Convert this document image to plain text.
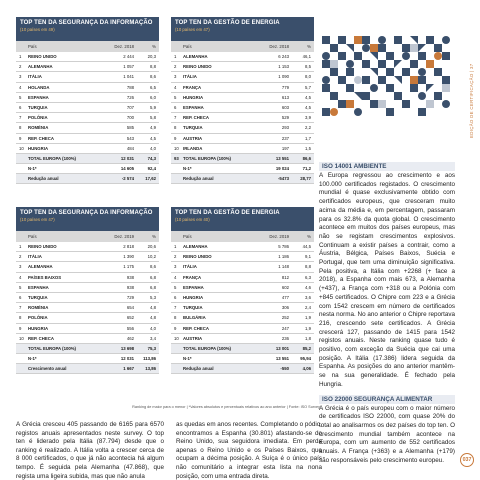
TOP TEN DA SEGURANÇA DA INFORMAÇÃO
(10 países em 49)
País	Dez. 2018	%
1	REINO UNIDO	2 444	20,3
2	ALEMANHA	1 057	8,8
3	ITÁLIA	1 041	8,6
4	HOLANDA	788	6,5
5	ESPANHA	726	6,0
6	TURQUIA	707	5,9
7	POLÓNIA	700	5,8
8	ROMÉNIA	585	4,9
9	REP. CHECA	543	4,5
10 HUNGRIA	484	4,0
TOTAL EUROPA (100%)	12 031	74,3
N-1*	14 605	92,4
Redução anual	-2 574	17,62
TOP TEN DA GESTÃO DE ENERGIA
(10 países em 47)
País	Dez. 2018	%
1	ALEMANHA	6 243	46,1
2	REINO UNIDO	1 153	8,5
3	ITÁLIA	1 090	8,0
4	FRANÇA	779	5,7
5	HUNGRIA	613	4,5
6	ESPANHA	603	4,5
7	REP. CHECA	529	3,9
8	TURQUIA	293	2,2
9	AUSTRIA	237	1,7
10 IRLANDA	197	1,5
93 TOTAL EUROPA (100%)	13 551	86,6
N-1*	19 024	71,2
Redução anual	-5473	28,77
TOP TEN DA SEGURANÇA DA INFORMAÇÃO
(10 países em 47)
País	Dez. 2019	%
1	REINO UNIDO	2 818	20,6
2	ITÁLIA	1 390	10,2
3	ALEMANHA	1 175	8,6
4	PAÍSES BAIXOS	938	6,8
5	ESPANHA	938	6,8
6	TURQUIA	729	5,3
7	ROMÉNIA	654	4,8
8	POLÓNIA	652	4,8
9	HUNGRIA	556	4,0
10 REP. CHECA	462	3,4
TOTAL EUROPA (100%)	13 698	75,3
N-1*	12 031	113,86
Crescimento anual	1 667	13,86
TOP TEN DA GESTÃO DE ENERGIA
(10 países em 40)
País	Dez. 2019	%
1	ALEMANHA	5 786	44,5
2	REINO UNIDO	1 186	9,1
3	ITÁLIA	1 148	8,8
4	FRANÇA	812	6,3
5	ESPANHA	602	4,6
6	HUNGRIA	477	3,6
7	TURQUIA	306	2,4
8	BULGÁRIA	252	1,9
9	REP. CHECA	247	1,9
10 AUSTRIA	236	1,8
TOTAL EUROPA (100%)	13 001	85,2
N-1*	13 551	95,94
Redução anual	-550	4,06
Ranking de maior para o menor | *Valores absolutos e percentuais relativos ao ano anterior | Fonte: ISO Survey

A Grécia cresceu 405 passando de 6165 para 6570 registos anuais apresentados neste survey. O top ten é liderado pela Itália (87.794) desde que o ranking é realizado. A Itália volta a crescer cerca de 8 000 certificados, o que já não acontecia há algum tempo. É seguida pela Alemanha (47.868), que regista uma ligeira subida, mas que não anula

as quedas em anos recentes. Completando o pódio, encontramos a Espanha (30.801) afastando-se do Reino Unido, sua seguidora imediata. Em perda apenas o Reino Unido e os Países Baixos, que ocupam a décima posição. A Suíça é o único país não comunitário a integrar esta lista na nona posição, com uma entrada direta.

EDIÇÃO DE CERTIFICAÇÃO | 37
ISO 14001 AMBIENTE

A Europa regressou ao crescimento e aos 100.000 certificados registados. O crescimento mundial é quase exclusivamente obtido com certificados europeus, que cresceram muito acima da média e, em percentagem, passaram para os 32.8% da quota global. O crescimento acontece em muitos dos países europeus, mas não se registam crescimentos explosivos. Continuam a existir países a contrair, como a Áustria, Bélgica, Países Baixos, Suécia e Portugal, que tem uma diminuição significativa. Pela positiva, a Itália com +2268 (+ face a 2018), a Espanha com mais 673, a Alemanha (+437), a França com +318 ou a Polónia com +845 certificados. O Chipre com 223 e a Grécia com 1542 crescem em número de certificados nesta norma. No ano anterior o Chipre reportava 216, crescendo sete certificados. A Grécia crescerá 127, passando de 1415 para 1542 registos anuais. Neste ranking quase tudo é positivo, com exceção da Suécia que cai uma posição. A Itália (17.386) lidera seguida da Espanha. As posições do ano anterior mantêm-se na sua generalidade. É fechado pela Hungria.

ISO 22000 SEGURANÇA ALIMENTAR

A Grécia é o país europeu com o maior número de certificados ISO 22000, com quase 20% do total ao analisarmos os dez países do top ten. O crescimento mundial também acontece na Europa, com um aumento de 552 certificados anuais. A França (+363) e a Alemanha (+179) são responsáveis pelo crescimento europeu.	037
